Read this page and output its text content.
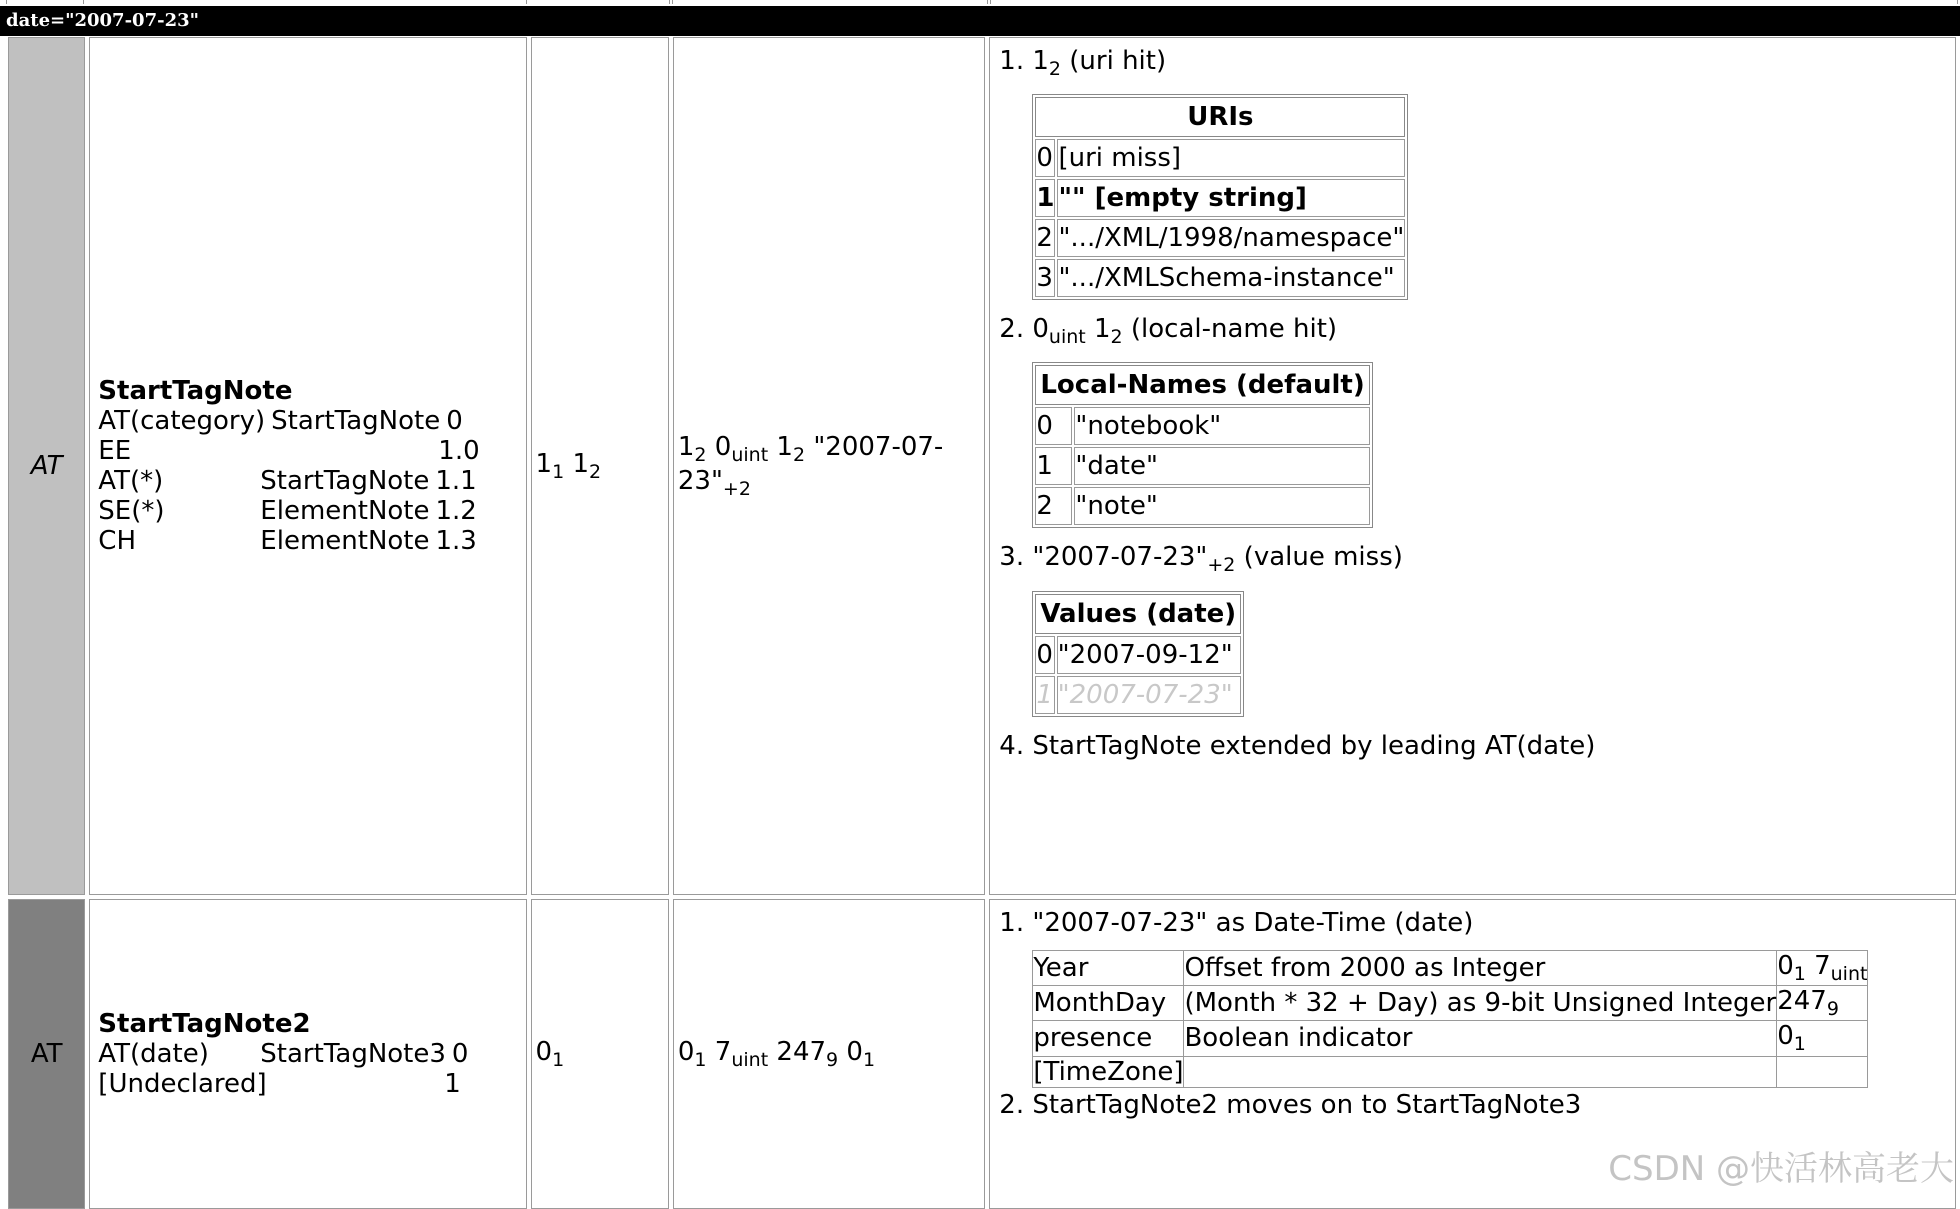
date="2007-07-23"
AT	
StartTagNote
AT(category) StartTagNote 0
EE	1.0
AT(*)	StartTagNote 1.1
SE(*)	ElementNote 1.2
CH	ElementNote 1.3
	$1_1$ $1_2$	$1_2$ $0_{uint}$ $1_2$ "$2007-07-23"_{+2}$	
1. $1_2$ (uri hit)
URIs
0	[uri miss]
1	"" [empty string]
2	".../XML/1998/namespace"
3	".../XMLSchema-instance"
2. $0_{uint}$ $1_2$ (local-name hit)
Local-Names (default)
0	"notebook"
1	"date"
2	"note"
3. "$2007-07-23"_{+2}$ (value miss)
Values (date)
0	"2007-09-12"
1	"2007-07-23"
4. StartTagNote extended by leading AT(date)

AT	
StartTagNote2
AT(date)	StartTagNote3 0
[Undeclared]	1
	$0_1$	$0_1$ $7_{uint}$ $247_9$ $0_1$	
1. "2007-07-23" as Date-Time (date)
Year	Offset from 2000 as Integer	$0_1$ $7_{uint}$
MonthDay	(Month * 32 + Day) as 9-bit Unsigned Integer	$247_9$
presence	Boolean indicator	$0_1$
[TimeZone]		
2. StartTagNote2 moves on to StartTagNote3
CSDN @快活林高老大
